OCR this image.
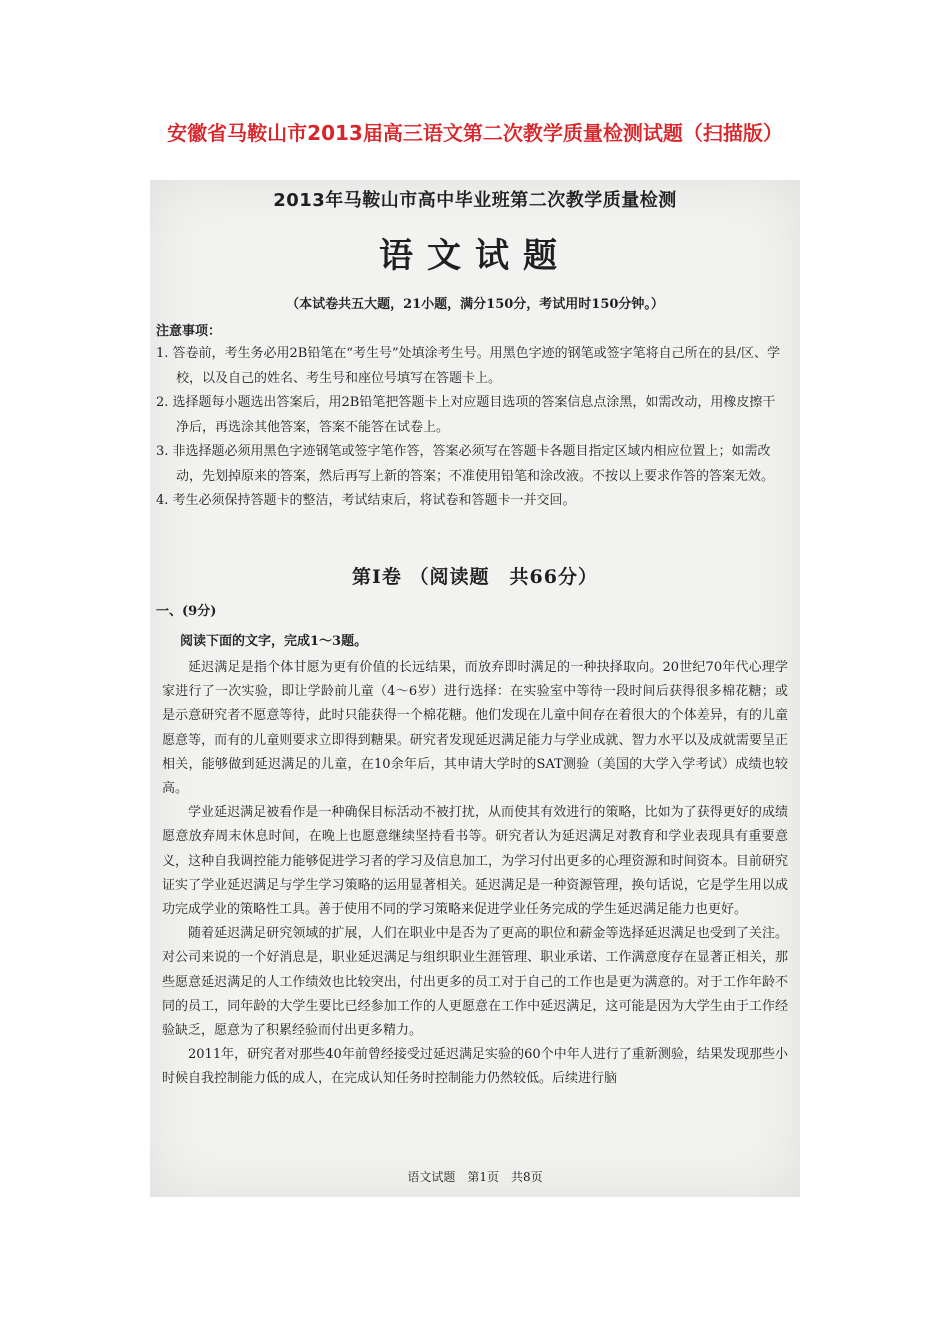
安徽省马鞍山市2013届高三语文第二次教学质量检测试题（扫描版）
2013年马鞍山市高中毕业班第二次教学质量检测
语文试题
（本试卷共五大题，21小题，满分150分，考试用时150分钟。）
注意事项：
1. 答卷前，考生务必用2B铅笔在“考生号”处填涂考生号。用黑色字迹的钢笔或签字笔将自己所在的县/区、学校，以及自己的姓名、考生号和座位号填写在答题卡上。
2. 选择题每小题选出答案后，用2B铅笔把答题卡上对应题目选项的答案信息点涂黑，如需改动，用橡皮擦干净后，再选涂其他答案，答案不能答在试卷上。
3. 非选择题必须用黑色字迹钢笔或签字笔作答，答案必须写在答题卡各题目指定区域内相应位置上；如需改动，先划掉原来的答案，然后再写上新的答案；不准使用铅笔和涂改液。不按以上要求作答的答案无效。
4. 考生必须保持答题卡的整洁，考试结束后，将试卷和答题卡一并交回。
第Ⅰ卷 （阅读题　共66分）
一、(9分)
阅读下面的文字，完成1～3题。

延迟满足是指个体甘愿为更有价值的长远结果，而放弃即时满足的一种抉择取向。20世纪70年代心理学家进行了一次实验，即让学龄前儿童（4～6岁）进行选择：在实验室中等待一段时间后获得很多棉花糖；或是示意研究者不愿意等待，此时只能获得一个棉花糖。他们发现在儿童中间存在着很大的个体差异，有的儿童愿意等，而有的儿童则要求立即得到糖果。研究者发现延迟满足能力与学业成就、智力水平以及成就需要呈正相关，能够做到延迟满足的儿童，在10余年后，其申请大学时的SAT测验（美国的大学入学考试）成绩也较高。

学业延迟满足被看作是一种确保目标活动不被打扰，从而使其有效进行的策略，比如为了获得更好的成绩愿意放弃周末休息时间，在晚上也愿意继续坚持看书等。研究者认为延迟满足对教育和学业表现具有重要意义，这种自我调控能力能够促进学习者的学习及信息加工，为学习付出更多的心理资源和时间资本。目前研究证实了学业延迟满足与学生学习策略的运用显著相关。延迟满足是一种资源管理，换句话说，它是学生用以成功完成学业的策略性工具。善于使用不同的学习策略来促进学业任务完成的学生延迟满足能力也更好。

随着延迟满足研究领域的扩展，人们在职业中是否为了更高的职位和薪金等选择延迟满足也受到了关注。对公司来说的一个好消息是，职业延迟满足与组织职业生涯管理、职业承诺、工作满意度存在显著正相关，那些愿意延迟满足的人工作绩效也比较突出，付出更多的员工对于自己的工作也是更为满意的。对于工作年龄不同的员工，同年龄的大学生要比已经参加工作的人更愿意在工作中延迟满足，这可能是因为大学生由于工作经验缺乏，愿意为了积累经验而付出更多精力。

2011年，研究者对那些40年前曾经接受过延迟满足实验的60个中年人进行了重新测验，结果发现那些小时候自我控制能力低的成人，在完成认知任务时控制能力仍然较低。后续进行脑

语文试题　第1页　共8页
